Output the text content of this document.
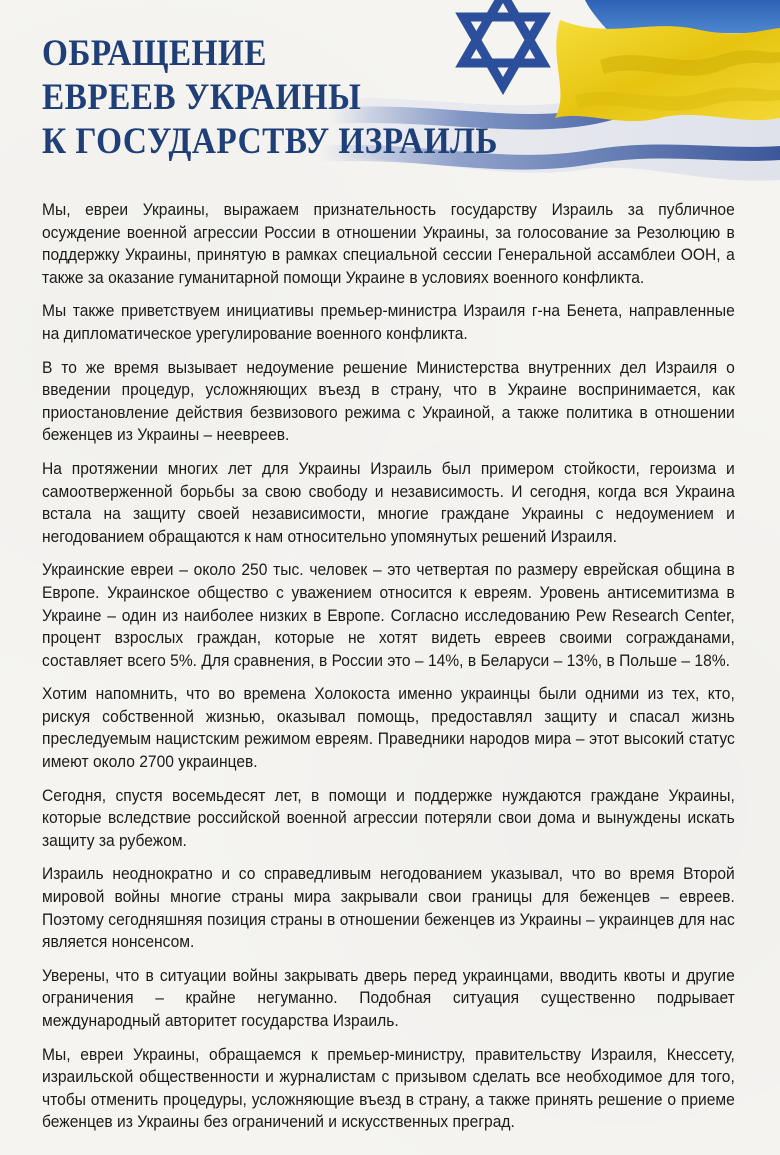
ОБРАЩЕНИЕ
ЕВРЕЕВ УКРАИНЫ
К ГОСУДАРСТВУ ИЗРАИЛЬ

Мы, евреи Украины, выражаем признательность государству Израиль за публичное осуждение военной агрессии России в отношении Украины, за голосование за Резолюцию в поддержку Украины, принятую в рамках специальной сессии Генеральной ассамблеи ООН, а также за оказание гуманитарной помощи Украине в условиях военного конфликта.

Мы также приветствуем инициативы премьер-министра Израиля г-на Бенета, направленные на дипломатическое урегулирование военного конфликта.

В то же время вызывает недоумение решение Министерства внутренних дел Израиля о введении процедур, усложняющих въезд в страну, что в Украине воспринимается, как приостановление действия безвизового режима с Украиной, а также политика в отношении беженцев из Украины – неевреев.

На протяжении многих лет для Украины Израиль был примером стойкости, героизма и самоотверженной борьбы за свою свободу и независимость. И сегодня, когда вся Украина встала на защиту своей независимости, многие граждане Украины с недоумением и негодованием обращаются к нам относительно упомянутых решений Израиля.

Украинские евреи – около 250 тыс. человек – это четвертая по размеру еврейская община в Европе. Украинское общество с уважением относится к евреям. Уровень антисемитизма в Украине – один из наиболее низких в Европе. Согласно исследованию Pew Research Center, процент взрослых граждан, которые не хотят видеть евреев своими согражданами, составляет всего 5%. Для сравнения, в России это – 14%, в Беларуси – 13%, в Польше – 18%.

Хотим напомнить, что во времена Холокоста именно украинцы были одними из тех, кто, рискуя собственной жизнью, оказывал помощь, предоставлял защиту и спасал жизнь преследуемым нацистским режимом евреям. Праведники народов мира – этот высокий статус имеют около 2700 украинцев.

Сегодня, спустя восемьдесят лет, в помощи и поддержке нуждаются граждане Украины, которые вследствие российской военной агрессии потеряли свои дома и вынуждены искать защиту за рубежом.

Израиль неоднократно и со справедливым негодованием указывал, что во время Второй мировой войны многие страны мира закрывали свои границы для беженцев – евреев. Поэтому сегодняшняя позиция страны в отношении беженцев из Украины – украинцев для нас является нонсенсом.

Уверены, что в ситуации войны закрывать дверь перед украинцами, вводить квоты и другие ограничения – крайне негуманно. Подобная ситуация существенно подрывает международный авторитет государства Израиль.

Мы, евреи Украины, обращаемся к премьер-министру, правительству Израиля, Кнессету, израильской общественности и журналистам с призывом сделать все необходимое для того, чтобы отменить процедуры, усложняющие въезд в страну, а также принять решение о приеме беженцев из Украины без ограничений и искусственных преград.
